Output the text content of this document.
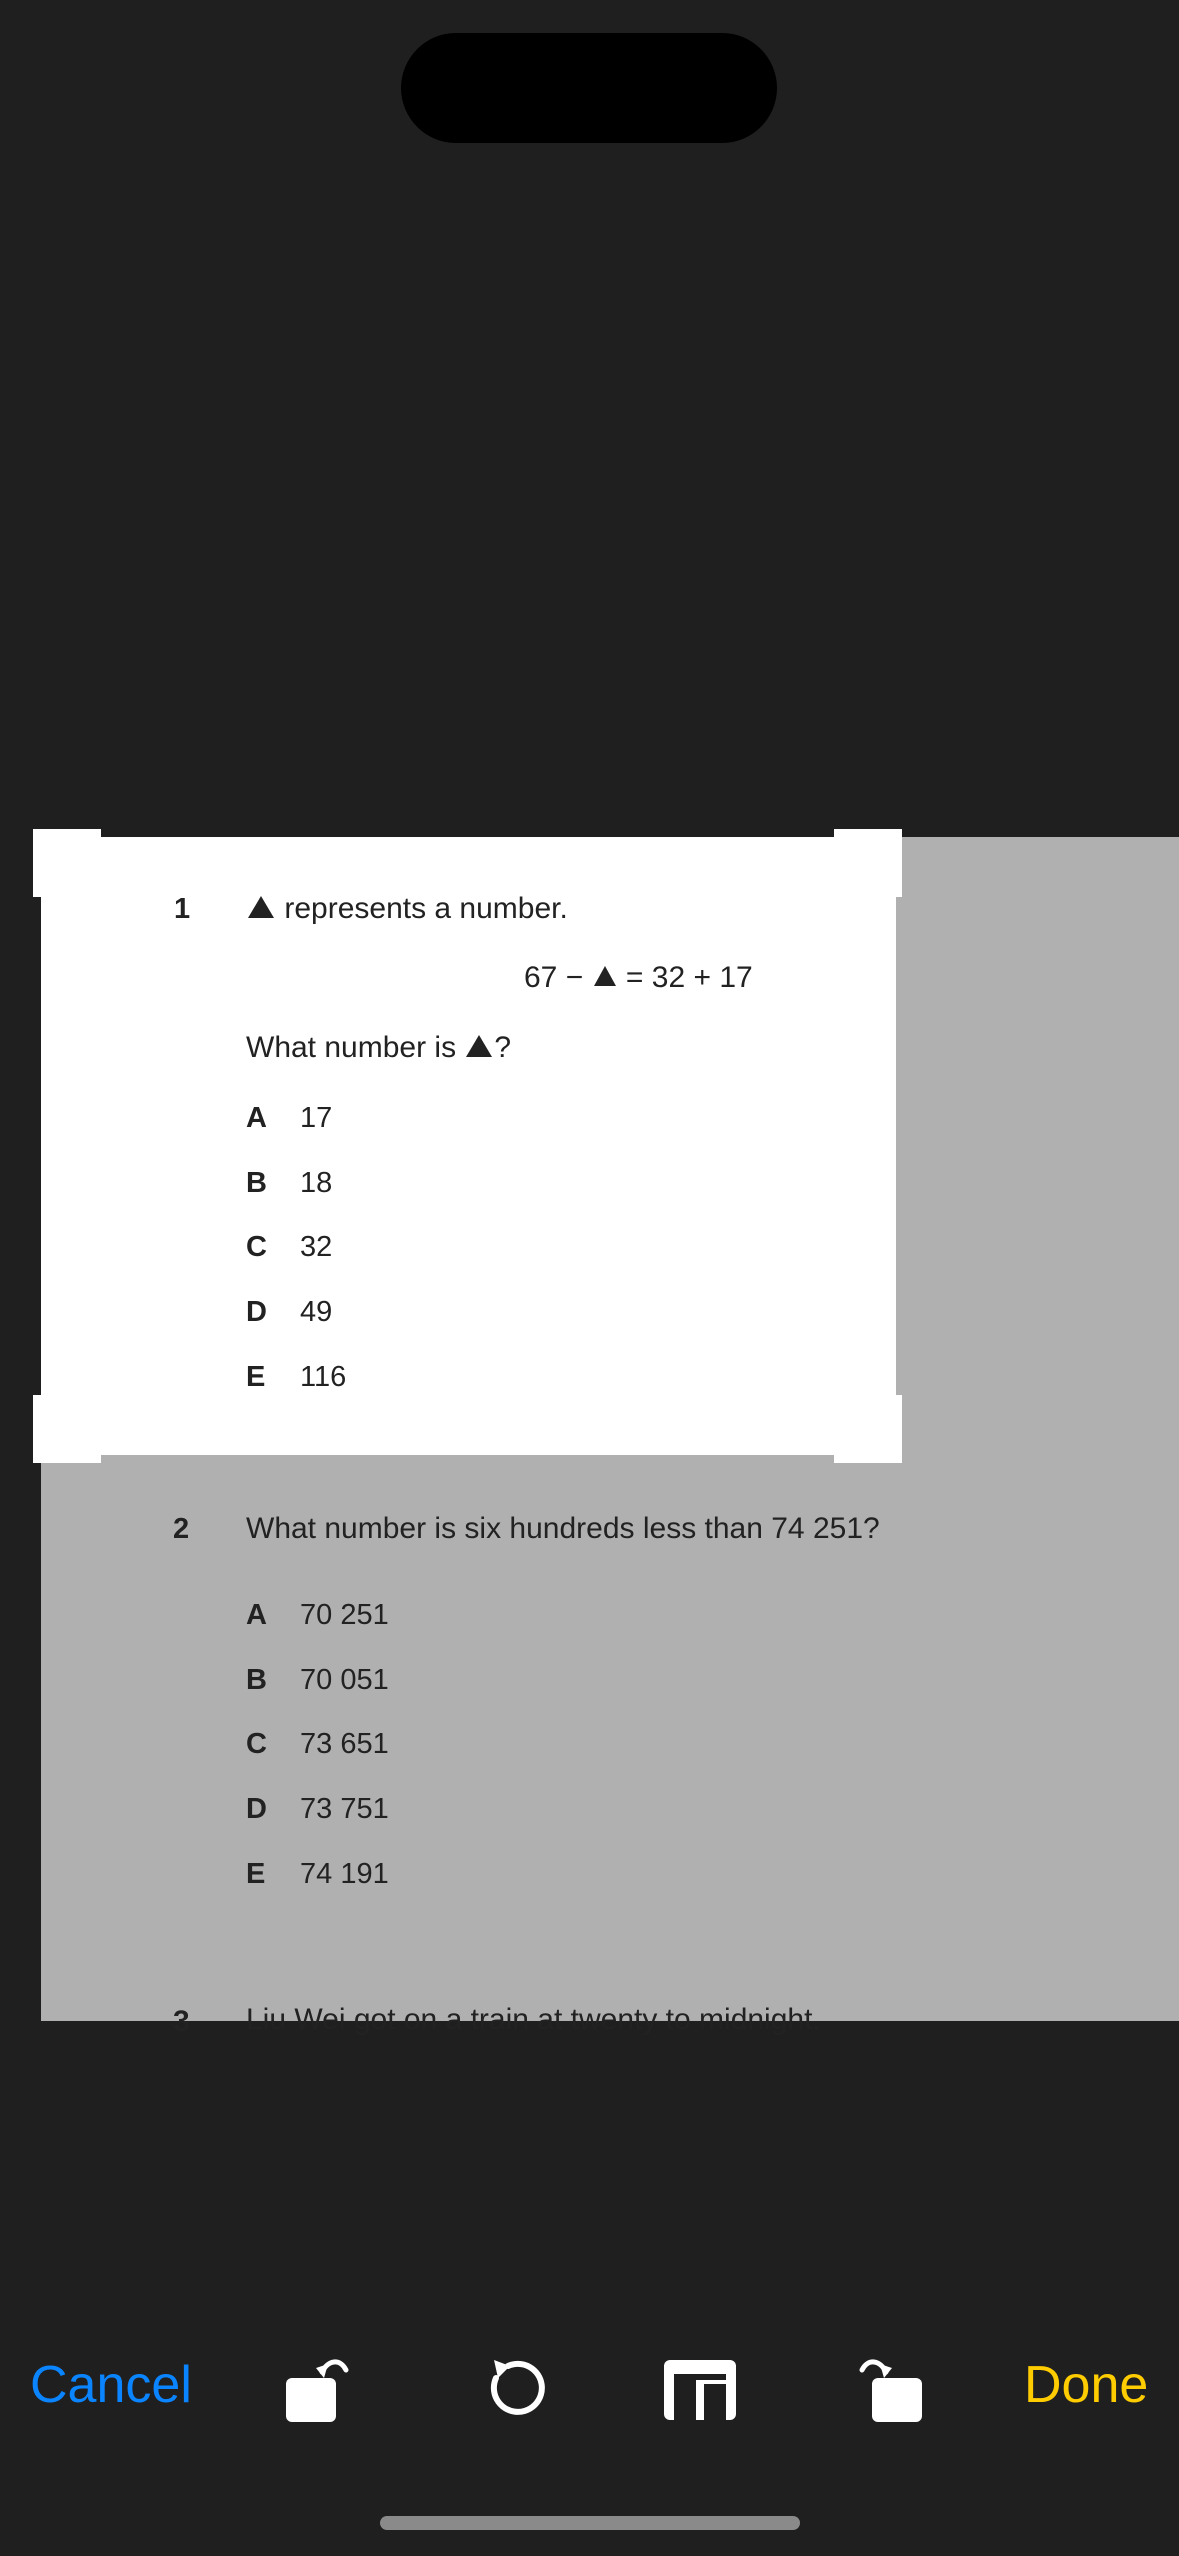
2 What number is six hundreds less than 74 251?
A 70 251
B 70 051
C 73 651
D 73 751
E 74 191
3 Liu Wei got on a train at twenty to midnight.
1	represents a number.
67 − = 32 + 17
What number is ?
A 17
B 18
C 32
D 49
E 116
Cancel	Done
